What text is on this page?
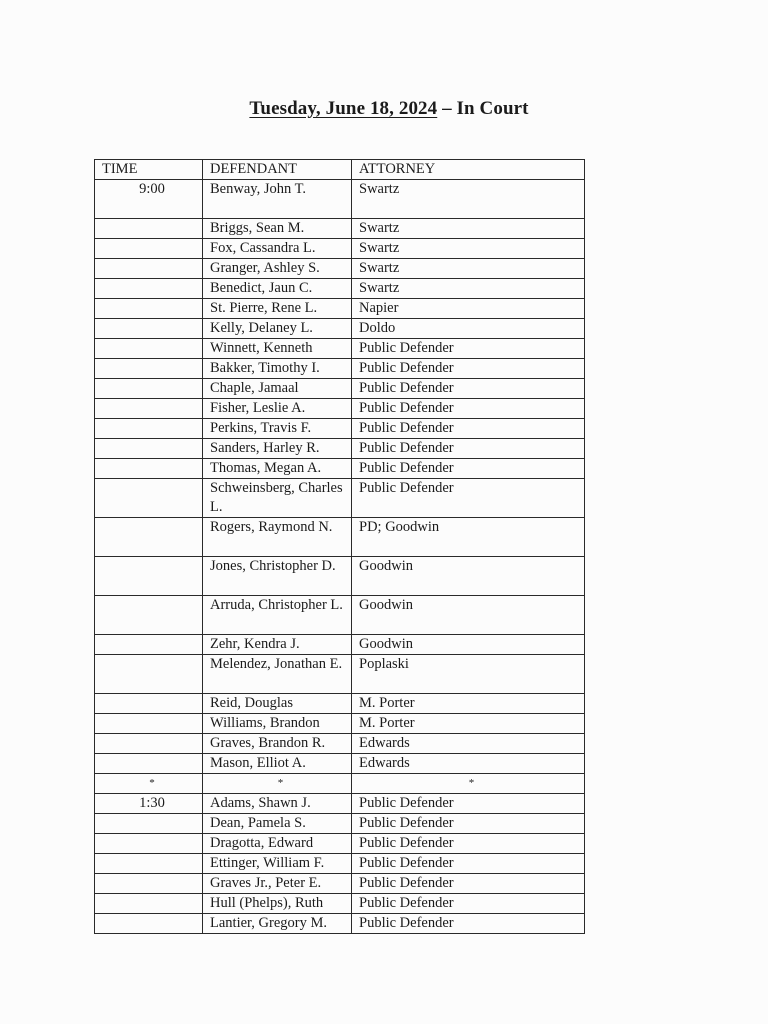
Tuesday, June 18, 2024 – In Court
TIME	DEFENDANT	ATTORNEY
9:00	Benway, John T.	Swartz
	Briggs, Sean M.	Swartz
	Fox, Cassandra L.	Swartz
	Granger, Ashley S.	Swartz
	Benedict, Jaun C.	Swartz
	St. Pierre, Rene L.	Napier
	Kelly, Delaney L.	Doldo
	Winnett, Kenneth	Public Defender
	Bakker, Timothy I.	Public Defender
	Chaple, Jamaal	Public Defender
	Fisher, Leslie A.	Public Defender
	Perkins, Travis F.	Public Defender
	Sanders, Harley R.	Public Defender
	Thomas, Megan A.	Public Defender
	Schweinsberg, Charles L.	Public Defender
	Rogers, Raymond N.	PD; Goodwin
	Jones, Christopher D.	Goodwin
	Arruda, Christopher L.	Goodwin
	Zehr, Kendra J.	Goodwin
	Melendez, Jonathan E.	Poplaski
	Reid, Douglas	M. Porter
	Williams, Brandon	M. Porter
	Graves, Brandon R.	Edwards
	Mason, Elliot A.	Edwards
*	*	*
1:30	Adams, Shawn J.	Public Defender
	Dean, Pamela S.	Public Defender
	Dragotta, Edward	Public Defender
	Ettinger, William F.	Public Defender
	Graves Jr., Peter E.	Public Defender
	Hull (Phelps), Ruth	Public Defender
	Lantier, Gregory M.	Public Defender
